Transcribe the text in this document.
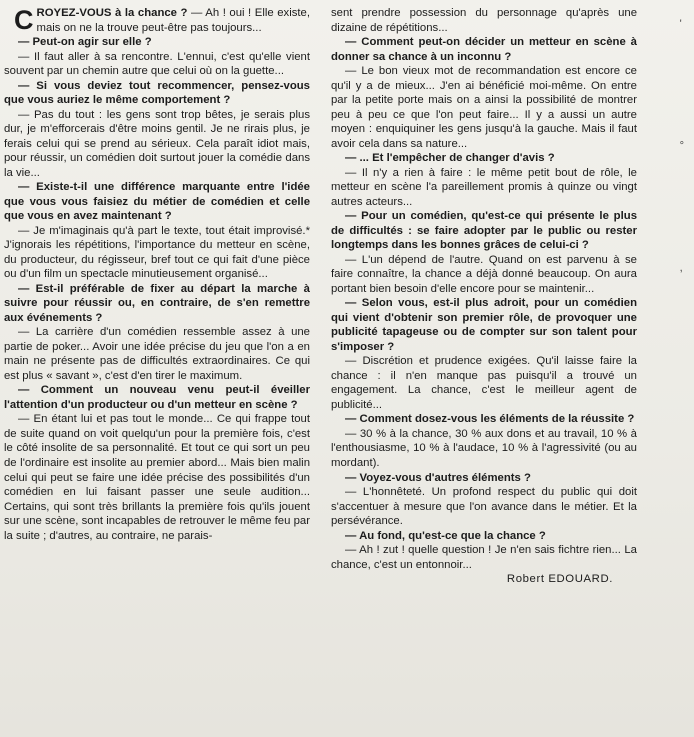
CROYEZ-VOUS à la chance ? — Ah ! oui ! Elle existe, mais on ne la trouve peut-être pas toujours...

— Peut-on agir sur elle ?

— Il faut aller à sa rencontre. L'ennui, c'est qu'elle vient souvent par un chemin autre que celui où on la guette...

— Si vous deviez tout recommencer, pensez-vous que vous auriez le même comportement ?

— Pas du tout : les gens sont trop bêtes, je serais plus dur, je m'efforcerais d'être moins gentil. Je ne rirais plus, je ferais celui qui se prend au sérieux. Cela paraît idiot mais, pour réussir, un comédien doit surtout jouer la comédie dans la vie...

— Existe-t-il une différence marquante entre l'idée que vous vous faisiez du métier de comédien et celle que vous en avez maintenant ?

— Je m'imaginais qu'à part le texte, tout était improvisé.* J'ignorais les répétitions, l'importance du metteur en scène, du producteur, du régisseur, bref tout ce qui fait d'une pièce ou d'un film un spectacle minutieusement organisé...

— Est-il préférable de fixer au départ la marche à suivre pour réussir ou, en contraire, de s'en remettre aux événements ?

— La carrière d'un comédien ressemble assez à une partie de poker... Avoir une idée précise du jeu que l'on a en main ne présente pas de difficultés extraordinaires. Ce qui est plus « savant », c'est d'en tirer le maximum.

— Comment un nouveau venu peut-il éveiller l'attention d'un producteur ou d'un metteur en scène ?

— En étant lui et pas tout le monde... Ce qui frappe tout de suite quand on voit quelqu'un pour la première fois, c'est le côté insolite de sa personnalité. Et tout ce qui sort un peu de l'ordinaire est insolite au premier abord... Mais bien malin celui qui peut se faire une idée précise des possibilités d'un comédien en lui faisant passer une seule audition... Certains, qui sont très brillants la première fois qu'ils jouent sur une scène, sont incapables de retrouver le même feu par la suite ; d'autres, au contraire, ne parais-

sent prendre possession du personnage qu'après une dizaine de répétitions...

— Comment peut-on décider un metteur en scène à donner sa chance à un inconnu ?

— Le bon vieux mot de recommandation est encore ce qu'il y a de mieux... J'en ai bénéficié moi-même. On entre par la petite porte mais on a ainsi la possibilité de montrer peu à peu ce que l'on peut faire... Il y a aussi un autre moyen : enquiquiner les gens jusqu'à la gauche. Mais il faut avoir cela dans sa nature...

— ... Et l'empêcher de changer d'avis ?

— Il n'y a rien à faire : le même petit bout de rôle, le metteur en scène l'a pareillement promis à quinze ou vingt autres acteurs...

— Pour un comédien, qu'est-ce qui présente le plus de difficultés : se faire adopter par le public ou rester longtemps dans les bonnes grâces de celui-ci ?

— L'un dépend de l'autre. Quand on est parvenu à se faire connaître, la chance a déjà donné beaucoup. On aura portant bien besoin d'elle encore pour se maintenir...

— Selon vous, est-il plus adroit, pour un comédien qui vient d'obtenir son premier rôle, de provoquer une publicité tapageuse ou de compter sur son talent pour s'imposer ?

— Discrétion et prudence exigées. Qu'il laisse faire la chance : il n'en manque pas puisqu'il a trouvé un engagement. La chance, c'est le meilleur agent de publicité...

— Comment dosez-vous les éléments de la réussite ?

— 30 % à la chance, 30 % aux dons et au travail, 10 % à l'enthousiasme, 10 % à l'audace, 10 % à l'agressivité (ou au mordant).

— Voyez-vous d'autres éléments ?

— L'honnêteté. Un profond respect du public qui doit s'accentuer à mesure que l'on avance dans le métier. Et la persévérance.

— Au fond, qu'est-ce que la chance ?

— Ah ! zut ! quelle question ! Je n'en sais fichtre rien... La chance, c'est un entonnoir...

Robert EDOUARD.

'
°
,
